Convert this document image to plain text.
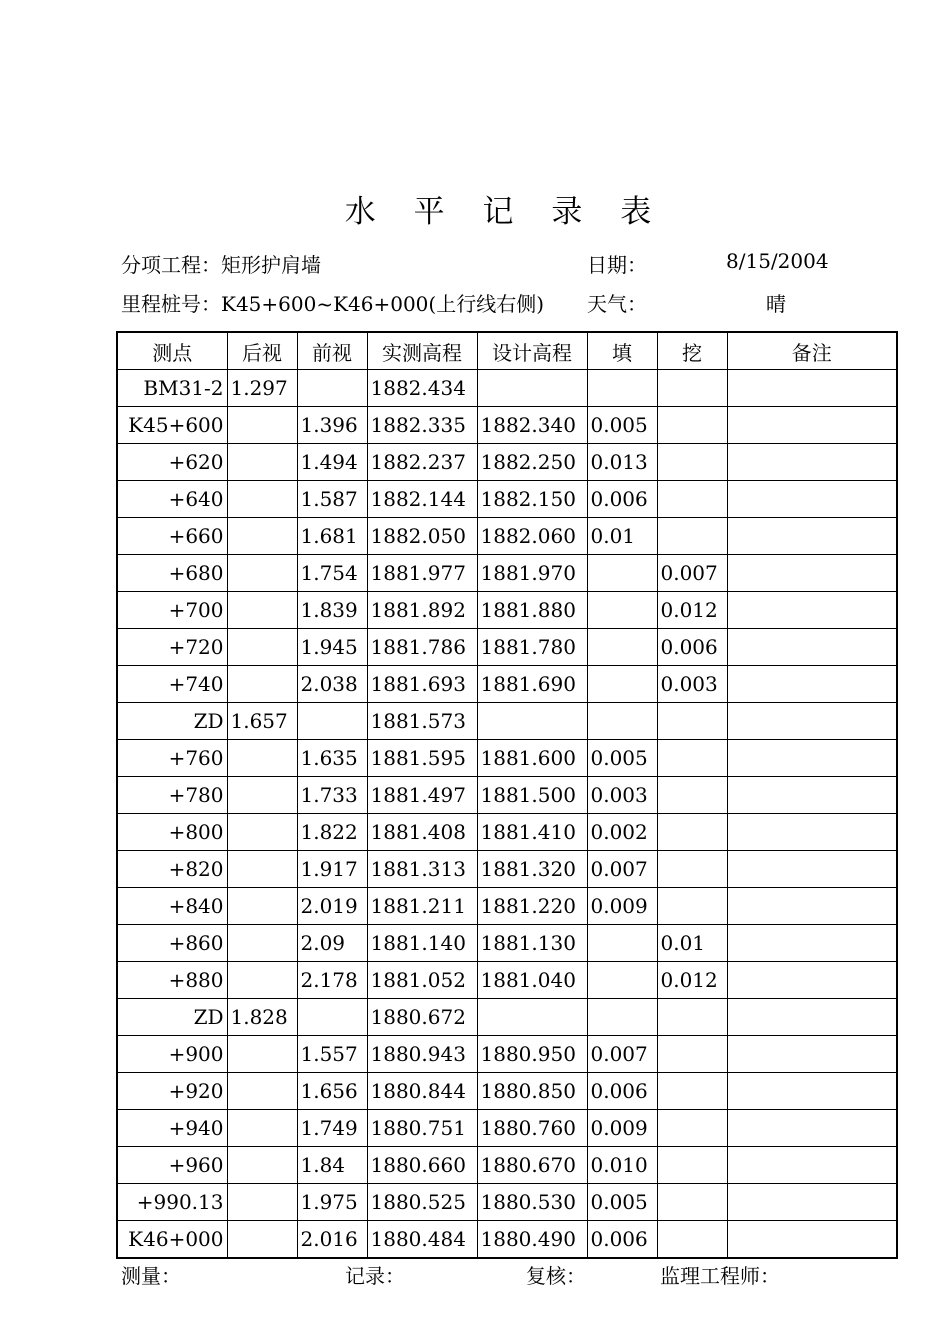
水 平 记 录 表
分项工程：矩形护肩墙	日期：	8/15/2004
里程桩号：K45+600~K46+000(上行线右侧) 天气：	晴
测点	后视	前视	实测高程	设计高程	填	挖	备注
BM31-2	1.297		1882.434				
K45+600		1.396	1882.335	1882.340	0.005		
+620		1.494	1882.237	1882.250	0.013		
+640		1.587	1882.144	1882.150	0.006		
+660		1.681	1882.050	1882.060	0.01		
+680		1.754	1881.977	1881.970		0.007	
+700		1.839	1881.892	1881.880		0.012	
+720		1.945	1881.786	1881.780		0.006	
+740		2.038	1881.693	1881.690		0.003	
ZD	1.657		1881.573				
+760		1.635	1881.595	1881.600	0.005		
+780		1.733	1881.497	1881.500	0.003		
+800		1.822	1881.408	1881.410	0.002		
+820		1.917	1881.313	1881.320	0.007		
+840		2.019	1881.211	1881.220	0.009		
+860		2.09	1881.140	1881.130		0.01	
+880		2.178	1881.052	1881.040		0.012	
ZD	1.828		1880.672				
+900		1.557	1880.943	1880.950	0.007		
+920		1.656	1880.844	1880.850	0.006		
+940		1.749	1880.751	1880.760	0.009		
+960		1.84	1880.660	1880.670	0.010		
+990.13		1.975	1880.525	1880.530	0.005		
K46+000		2.016	1880.484	1880.490	0.006		
测量：	记录：	复核：	监理工程师：
